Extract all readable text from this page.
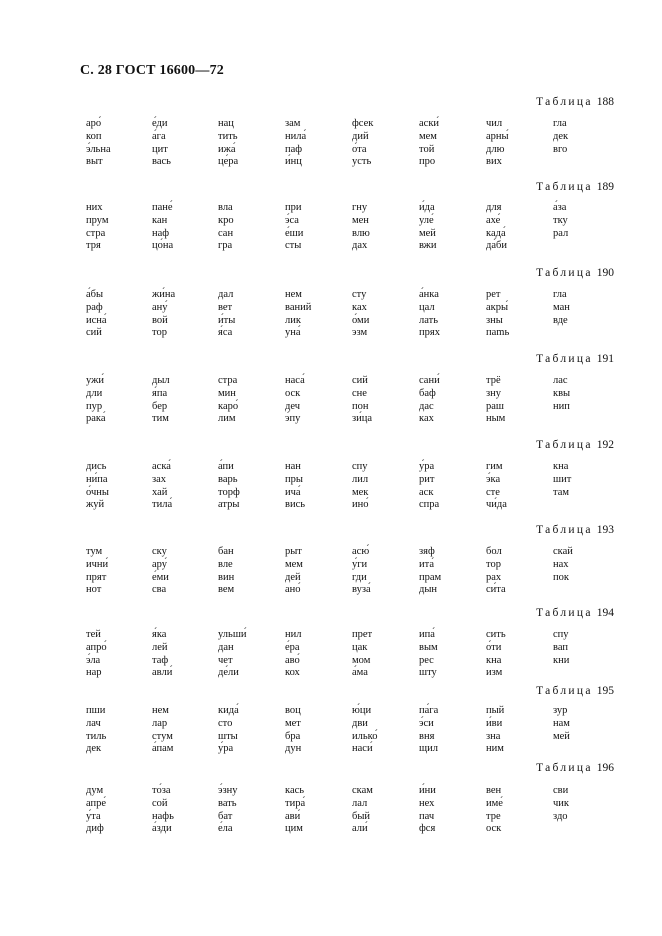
С. 28 ГОСТ 16600—72
Таблица 188
аро́
коп
э́льна
выт
е́ди
а́га
цит
вась
нац
тить
ижа́
це́ра
зам
нила́
паф
и́нц
фсек
дий
о́та
усть
аски́
мем
той
про
чил
арны́
длю
вих
гла
дек
вго
Таблица 189
них
прум
стра
тря
пане́
кан
наф
цо́на
вла
кро
сан
гра
при
э́са
е́ши
сты
гну
мен
влю
дах
и́да
уле́
мей
вжи
для
ахе́
када́
да́би
а́за
тку
рал
Таблица 190
а́бы
раф
исна́
сий
жи́на
ану́
вой
тор
дал
вет
и́ты
я́са
нем
ваний
лик
уна́
сту
ках
о́ми
эзм
а́нка
цал
лать
прях
рет
акры́
зны
пamь
гла
ман
вде
Таблица 191
ужи́
дли
пур
рака́
дыл
я́па
бер
тим
стра
мин
каро́
лим
наса́
оск
деч
э́пу
сий
сне
пон
зи́ца
сани́
баф
дас
ках
трё
зну
раш
ным
лас
квы
нип
Таблица 192
дись
ни́па
о́чны
жуй
аска́
зах
хай
тила́
а́пи
варь
торф
атры
нан
пры
ича́
вись
спу
лил
мек
ино́
у́ра
рит
аск
спра
гим
э́ка
сте
чи́да
кна
шит
там
Таблица 193
тум
ични́
прят
нот
ску
ару́
е́ми
сва
бан
вле
вин
вем
рыт
мем
дей
ано́
асю́
у́ги
гди
вуза́
зяф
ита́
прам
дын
бол
тор
рах
си́та
скай
нах
пок
Таблица 194
тей
апро́
э́ла
нар
я́ка
лей
таф
авли́
ульши́
дан
чет
де́ли
нил
е́ра
аво́
кох
прет
цак
мом
а́ма
ипа́
вым
рес
шту
сить
о́ти
кна
изм
спу
вап
кни
Таблица 195
пши
лач
тиль
дек
нем
лар
стум
а́пам
кида́
сто
шты
у́ра
воц
мет
бра
дун
ю́ци
дви
илько́
наси́
па́га
э́си
вня
щил
пый
и́ви
зна
ним
зур
нам
мей
Таблица 196
дум
апре́
у́та
диф
то́за
сой
нафь
а́зди
э́зну
вать
бат
е́ла
кась
тира́
ави́
цим
скам
лал
бый
али́
и́ни
нех
пач
фся
вен
име́
тре
оск
сви
чик
здо
